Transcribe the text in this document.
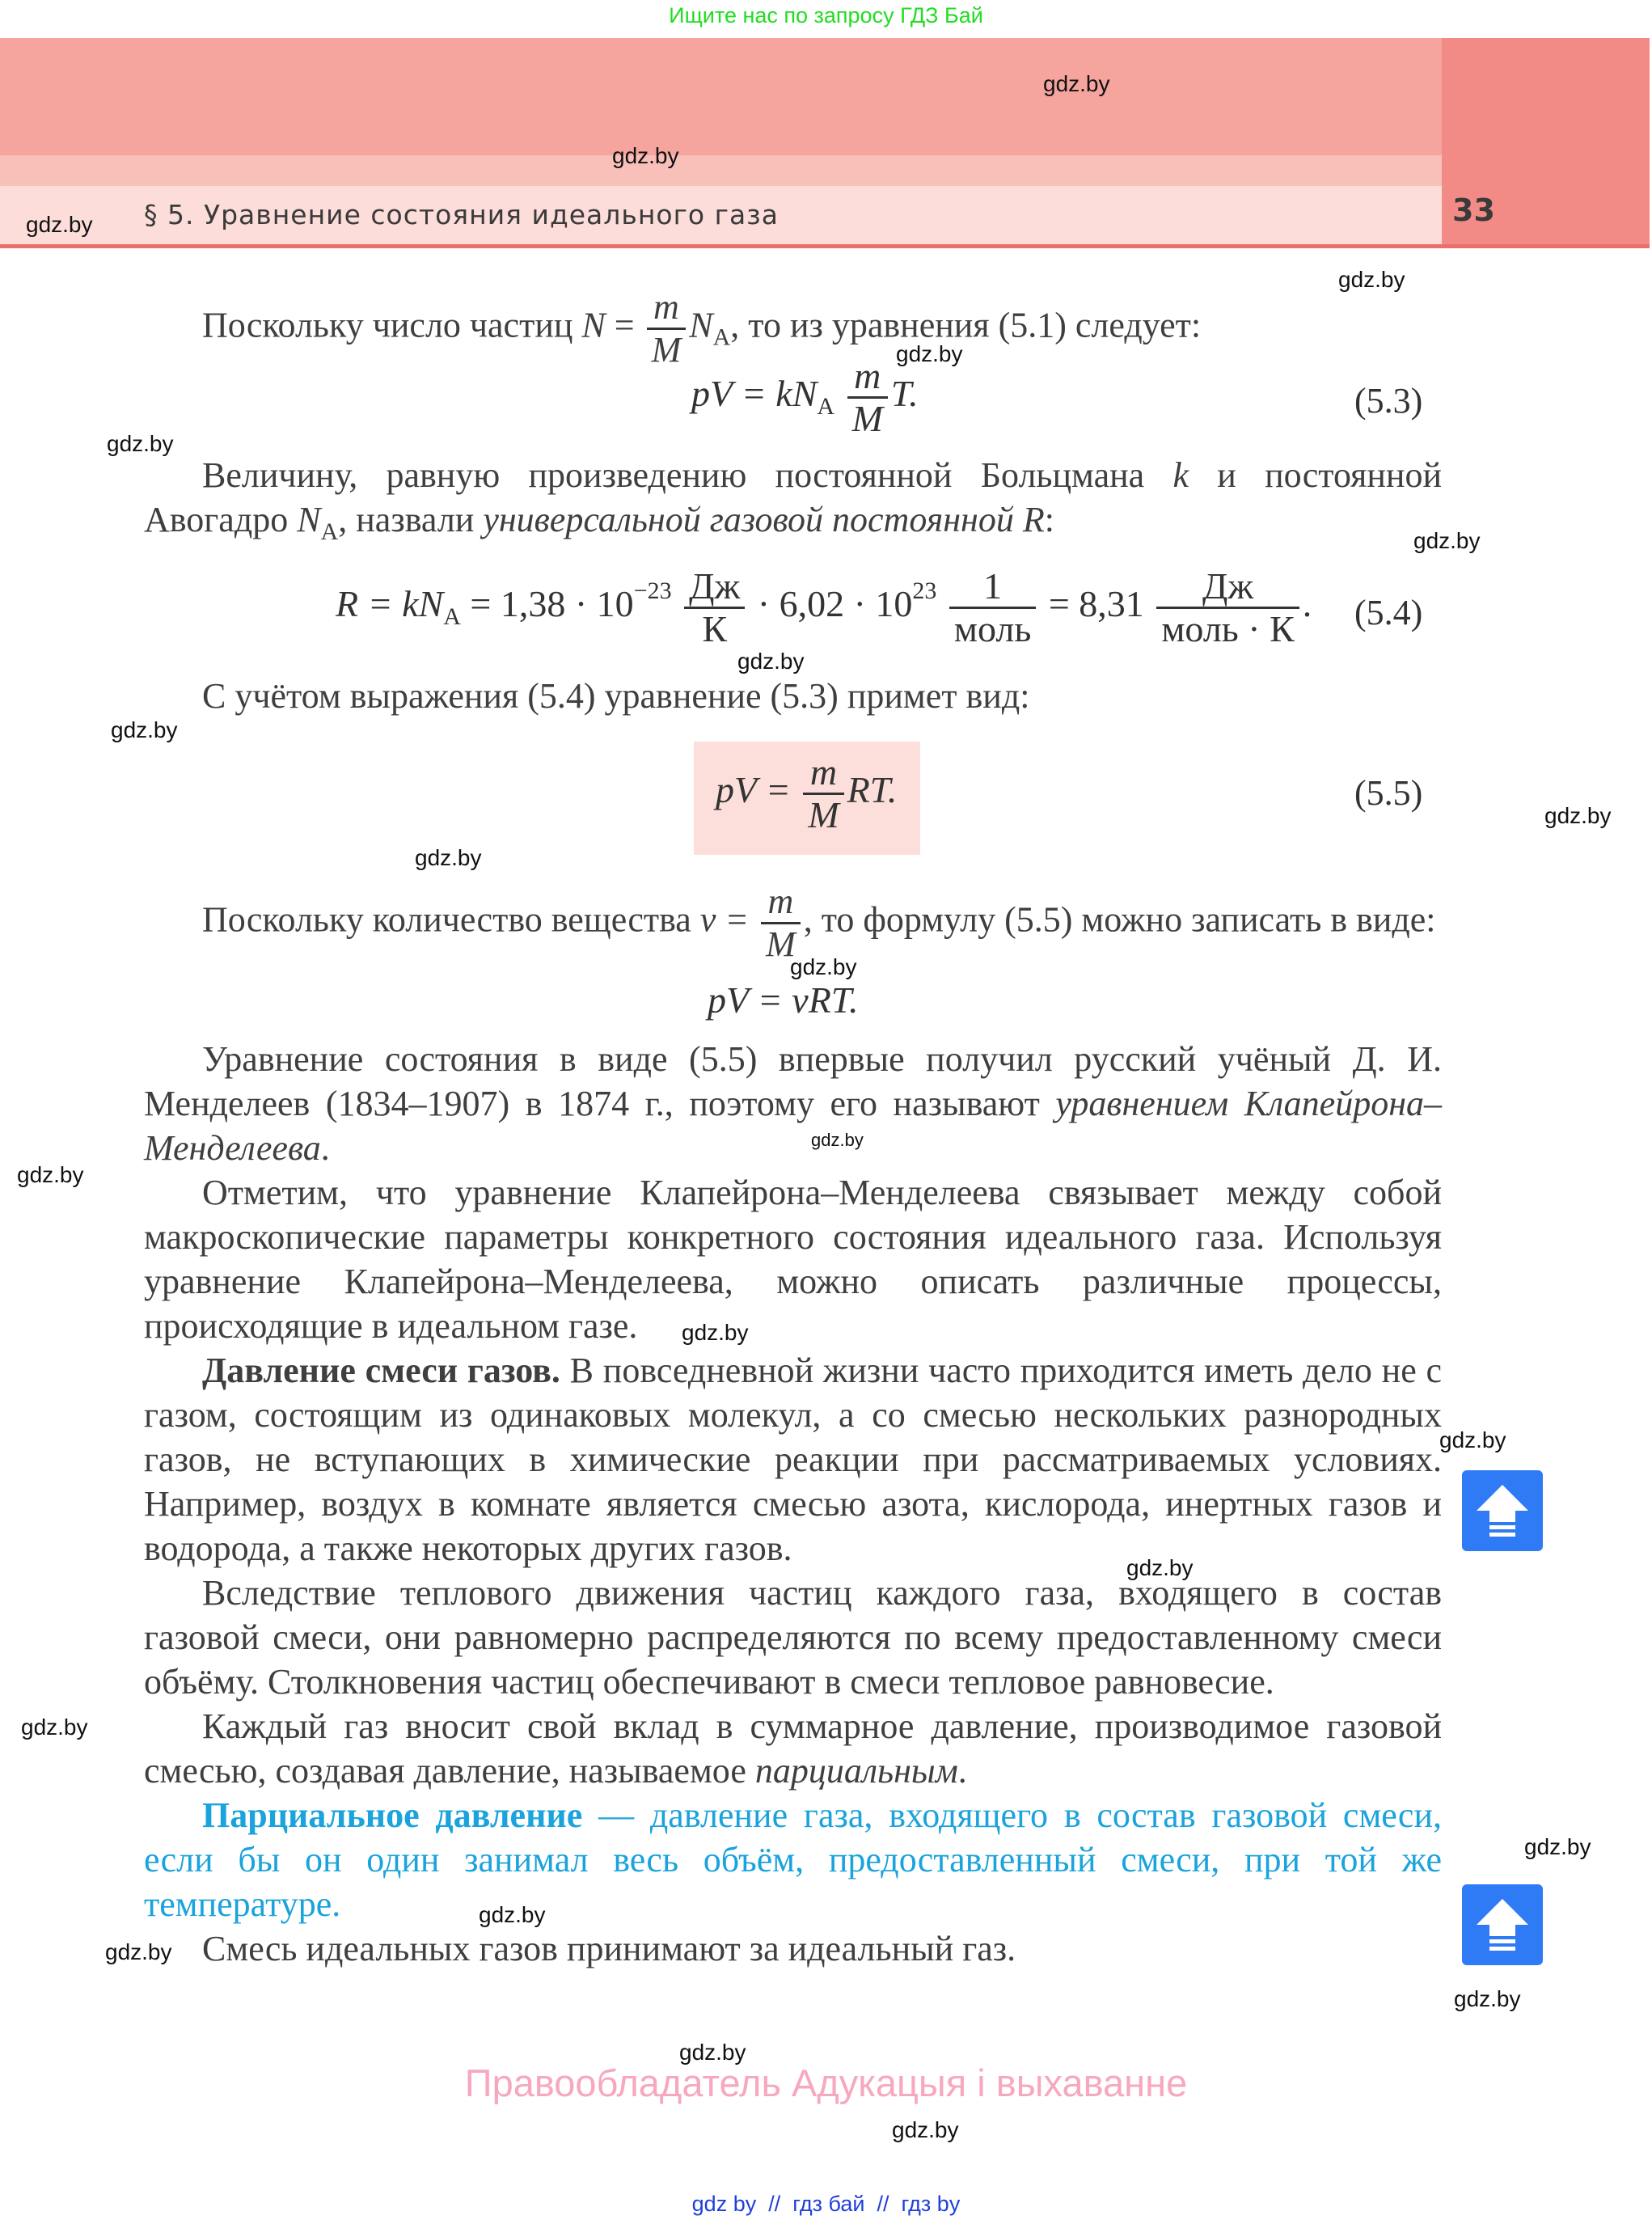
Ищите нас по запросу ГДЗ Бай
§ 5. Уравнение состояния идеального газа	33
Поскольку число частиц $N = \frac{m}{M} N_A$, то из уравнения (5.1) следует:
pV = $kN_A \frac{m}{M} T$.	(5.3)
Величину, равную произведению постоянной Больцмана k и постоянной Авогадро $N_A$, назвали универсальной газовой постоянной R:
$R = kN_A = 1,38 \cdot 10^{-23} \frac{Дж}{К} \cdot 6,02 \cdot 10^{23} \frac{1}{\text{моль}} = 8,31 \frac{Дж}{\text{моль · К}}$ . (5.4)
С учётом выражения (5.4) уравнение (5.3) примет вид:
pV = $\frac{m}{M}$ RT.	(5.5)
Поскольку количество вещества $\nu = \frac{m}{M}$ , то формулу (5.5) можно записать в виде:
pV = νRT.
Уравнение состояния в виде (5.5) впервые получил русский учёный Д. И. Менделеев (1834–1907) в 1874 г., поэтому его называют уравнением Клапейрона–Менделеева.
Отметим, что уравнение Клапейрона–Менделеева связывает между собой макроскопические параметры конкретного состояния идеального газа. Используя уравнение Клапейрона–Менделеева, можно описать различные процессы, происходящие в идеальном газе.
Давление смеси газов. В повседневной жизни часто приходится иметь дело не с газом, состоящим из одинаковых молекул, а со смесью нескольких разнородных газов, не вступающих в химические реакции при рассматриваемых условиях. Например, воздух в комнате является смесью азота, кислорода, инертных газов и водорода, а также некоторых других газов.
Вследствие теплового движения частиц каждого газа, входящего в состав газовой смеси, они равномерно распределяются по всему предоставленному смеси объёму. Столкновения частиц обеспечивают в смеси тепловое равновесие.
Каждый газ вносит свой вклад в суммарное давление, производимое газовой смесью, создавая давление, называемое парциальным.
Парциальное давление — давление газа, входящего в состав газовой смеси, если бы он один занимал весь объём, предоставленный смеси, при той же температуре.
Смесь идеальных газов принимают за идеальный газ.
gdz.by
gdz.by
gdz.by
gdz.by
gdz.by
gdz.by
gdz.by
gdz.by
gdz.by
gdz.by
gdz.by
gdz.by
gdz.by
gdz.by
gdz.by
gdz.by
gdz.by
gdz.by
gdz.by
gdz.by
gdz.by
gdz.by
gdz.by
gdz.by
Правообладатель Адукацыя і выхаванне
gdz by // гдз бай // гдз by
